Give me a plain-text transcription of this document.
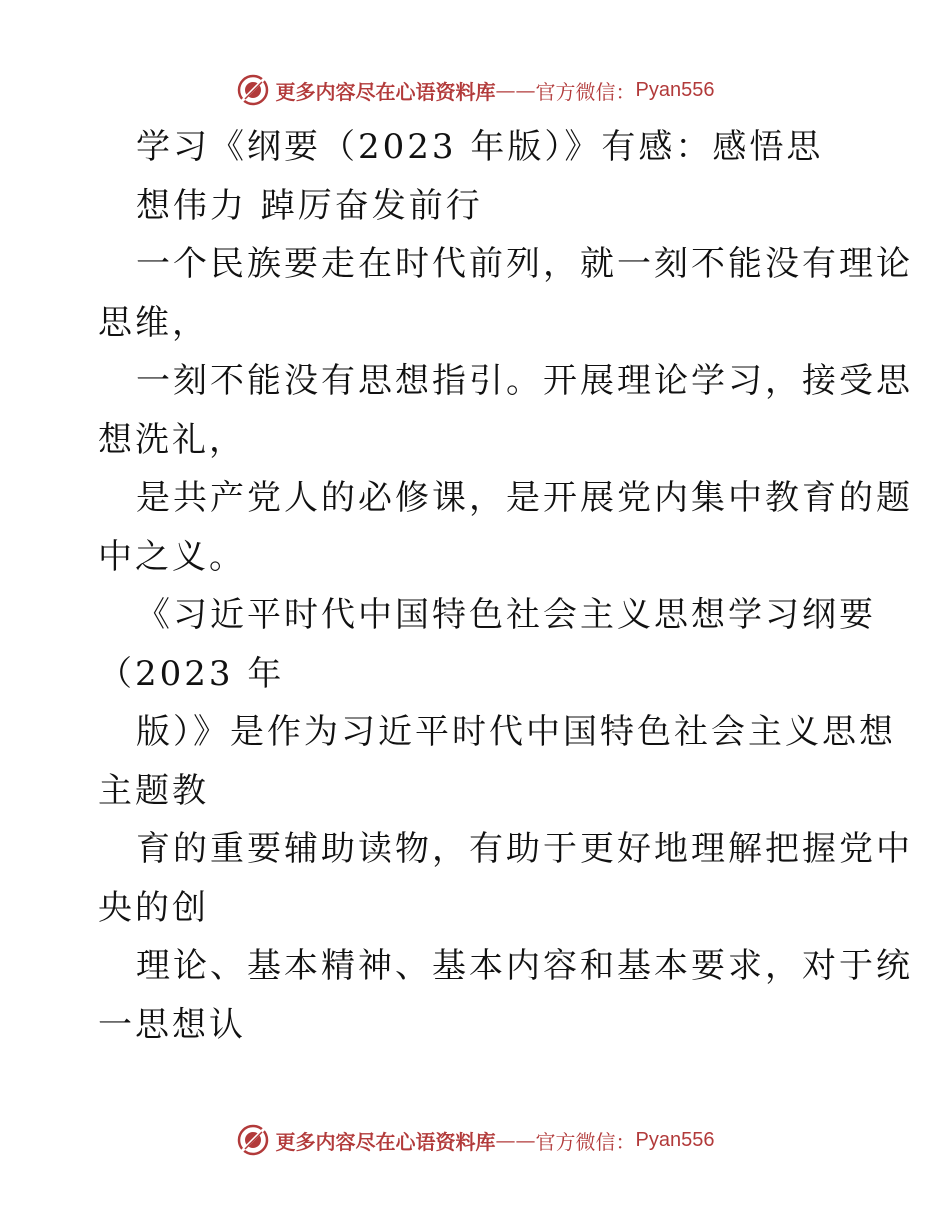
更多内容尽在心语资料库 —— 官方微信： Pyan556
学习《纲要（2023 年版）》有感：感悟思
想伟力 踔厉奋发前行
一个民族要走在时代前列，就一刻不能没有理论
思维，
一刻不能没有思想指引。开展理论学习，接受思
想洗礼，
是共产党人的必修课，是开展党内集中教育的题
中之义。
《习近平时代中国特色社会主义思想学习纲要
（2023 年
版）》是作为习近平时代中国特色社会主义思想
主题教
育的重要辅助读物，有助于更好地理解把握党中
央的创
理论、基本精神、基本内容和基本要求，对于统
一思想认
更多内容尽在心语资料库 —— 官方微信： Pyan556
